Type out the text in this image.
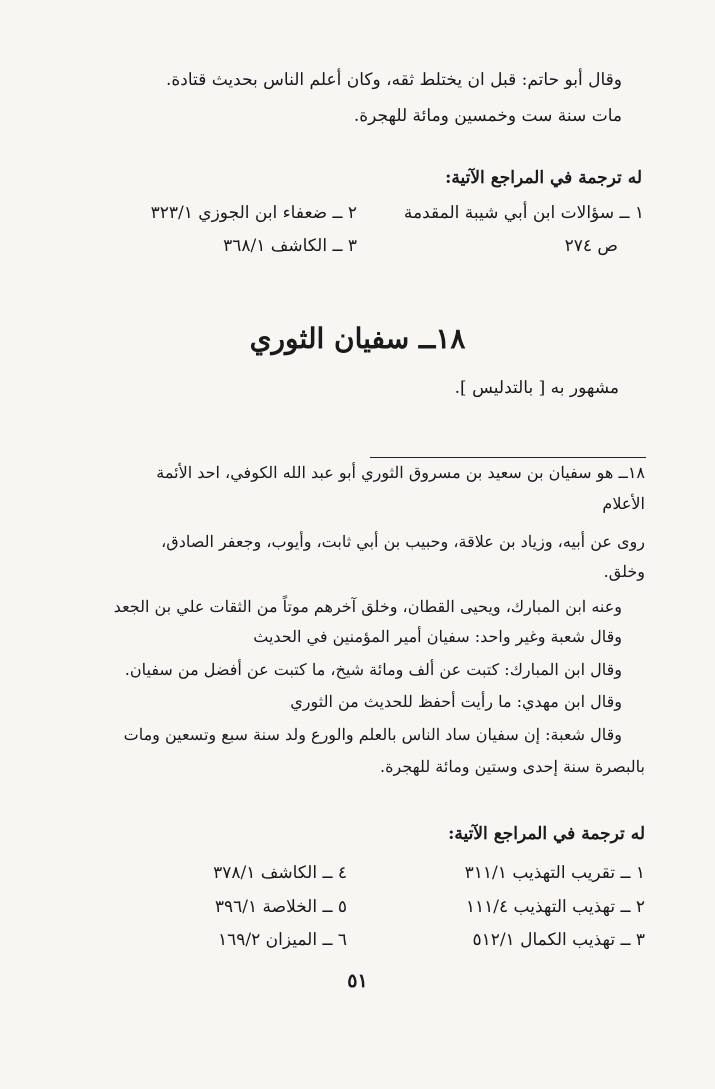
وقال أبو حاتم: قبل ان يختلط ثقه، وكان أعلم الناس بحديث قتادة.
مات سنة ست وخمسين ومائة للهجرة.
له ترجمة في المراجع الآتية:
١ ــ سؤالات ابن أبي شيبة المقدمة
ص ٢٧٤
٢ ــ ضعفاء ابن الجوزي ٣٢٣/١
٣ ــ الكاشف ٣٦٨/١
١٨ــ سفيان الثوري
مشهور به [ بالتدليس ].
١٨ــ هو سفيان بن سعيد بن مسروق الثوري أبو عبد الله الكوفي، احد الأئمة
الأعلام
روى عن أبيه، وزياد بن علاقة، وحبيب بن أبي ثابت، وأيوب، وجعفر الصادق،
وخلق.
وعنه ابن المبارك، ويحيى القطان، وخلق آخرهم موتاً من الثقات علي بن الجعد
وقال شعبة وغير واحد: سفيان أمير المؤمنين في الحديث
وقال ابن المبارك: كتبت عن ألف ومائة شيخ، ما كتبت عن أفضل من سفيان.
وقال ابن مهدي: ما رأيت أحفظ للحديث من الثوري
وقال شعبة: إن سفيان ساد الناس بالعلم والورع ولد سنة سبع وتسعين ومات
بالبصرة سنة إحدى وستين ومائة للهجرة.
له ترجمة في المراجع الآتية:
١ ــ تقريب التهذيب ٣١١/١
٢ ــ تهذيب التهذيب ١١١/٤
٣ ــ تهذيب الكمال ٥١٢/١
٤ ــ الكاشف ٣٧٨/١
٥ ــ الخلاصة ٣٩٦/١
٦ ــ الميزان ١٦٩/٢
٥١
